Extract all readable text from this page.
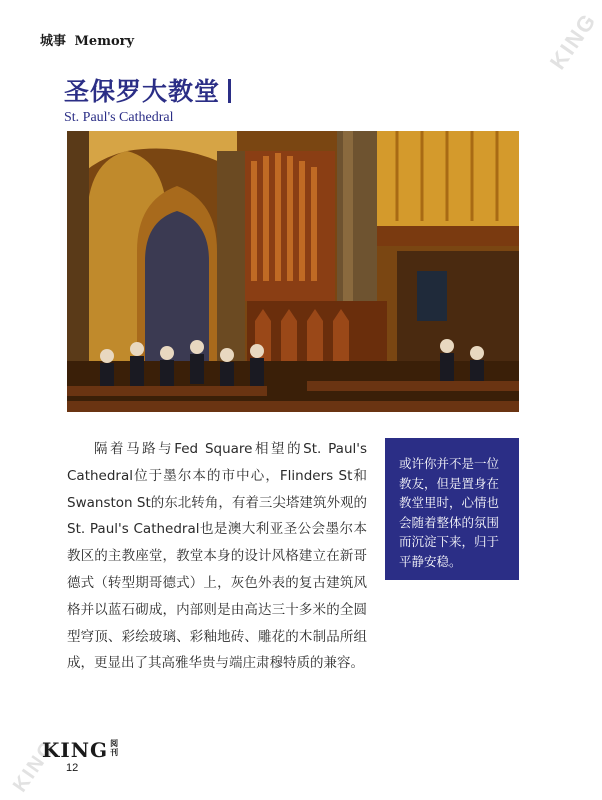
城事 Memory	KING
KING
圣保罗大教堂
St. Paul's Cathedral

隔着马路与Fed Square相望的St. Paul's Cathedral位于墨尔本的市中心，Flinders St和Swanston St的东北转角，有着三尖塔建筑外观的St. Paul's Cathedral也是澳大利亚圣公会墨尔本教区的主教座堂，教堂本身的设计风格建立在新哥德式（转型期哥德式）上，灰色外表的复古建筑风格并以蓝石砌成，内部则是由高达三十多米的全圆型穹顶、彩绘玻璃、彩釉地砖、雕花的木制品所组成，更显出了其高雅华贵与端庄肃穆特质的兼容。

或许你并不是一位教友，但是置身在教堂里时，心情也会随着整体的氛围而沉淀下来，归于平静安稳。
KING 阅刊
12
